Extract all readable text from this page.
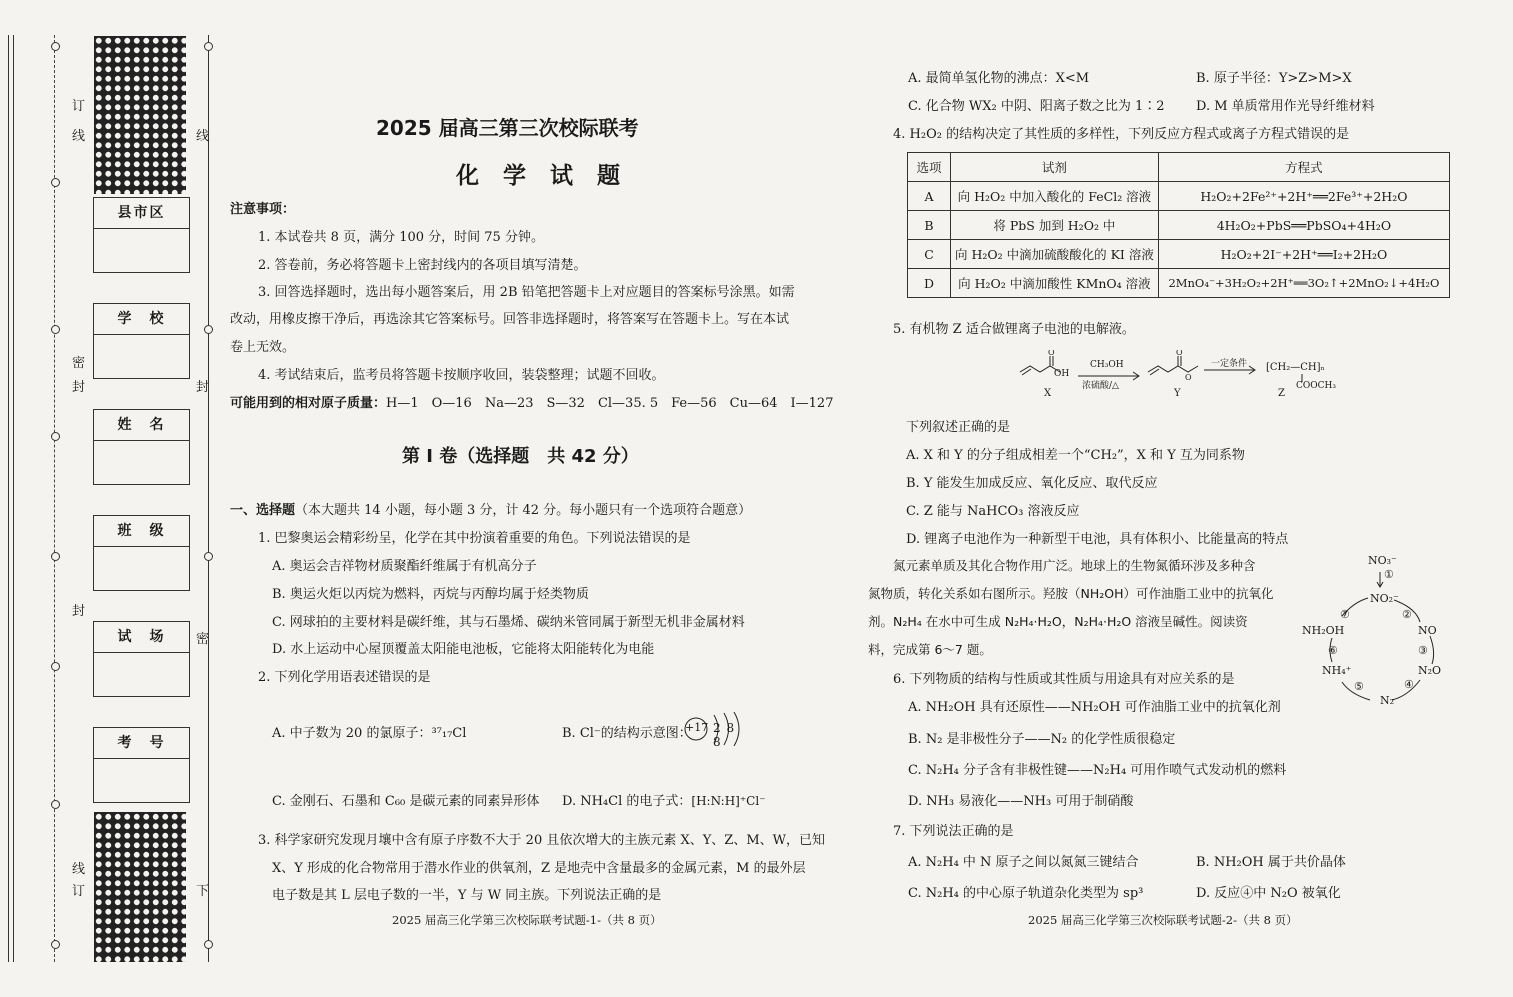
订
线
密
封
封
线
订
线
封
密
下
县市区
学　校
姓　名
班　级
试　场
考　号
2025 届高三第三次校际联考
化 学 试 题
注意事项：
1. 本试卷共 8 页，满分 100 分，时间 75 分钟。
2. 答卷前，务必将答题卡上密封线内的各项目填写清楚。
3. 回答选择题时，选出每小题答案后，用 2B 铅笔把答题卡上对应题目的答案标号涂黑。如需
改动，用橡皮擦干净后，再选涂其它答案标号。回答非选择题时，将答案写在答题卡上。写在本试
卷上无效。
4. 考试结束后，监考员将答题卡按顺序收回，装袋整理；试题不回收。
可能用到的相对原子质量：H—1　O—16　Na—23　S—32　Cl—35. 5　Fe—56　Cu—64　I—127
第 Ⅰ 卷（选择题　共 42 分）
一、选择题（本大题共 14 小题，每小题 3 分，计 42 分。每小题只有一个选项符合题意）
1. 巴黎奥运会精彩纷呈，化学在其中扮演着重要的角色。下列说法错误的是
A. 奥运会吉祥物材质聚酯纤维属于有机高分子
B. 奥运火炬以丙烷为燃料，丙烷与丙醇均属于烃类物质
C. 网球拍的主要材料是碳纤维，其与石墨烯、碳纳米管同属于新型无机非金属材料
D. 水上运动中心屋顶覆盖太阳能电池板，它能将太阳能转化为电能
2. 下列化学用语表述错误的是
A. 中子数为 20 的氯原子：³⁷₁₇Cl	B. Cl⁻的结构示意图：
+17 2 8 8
C. 金刚石、石墨和 C₆₀ 是碳元素的同素异形体 D. NH₄Cl 的电子式：[H:N:H]⁺Cl⁻
3. 科学家研究发现月壤中含有原子序数不大于 20 且依次增大的主族元素 X、Y、Z、M、W，已知
X、Y 形成的化合物常用于潜水作业的供氧剂，Z 是地壳中含量最多的金属元素，M 的最外层
电子数是其 L 层电子数的一半，Y 与 W 同主族。下列说法正确的是
2025 届高三化学第三次校际联考试题-1-（共 8 页）
A. 最简单氢化物的沸点：X<M	B. 原子半径：Y>Z>M>X
C. 化合物 WX₂ 中阴、阳离子数之比为 1∶2 D. M 单质常用作光导纤维材料
4. H₂O₂ 的结构决定了其性质的多样性，下列反应方程式或离子方程式错误的是
选项	试剂	方程式
A	向 H₂O₂ 中加入酸化的 FeCl₂ 溶液	H₂O₂+2Fe²⁺+2H⁺══2Fe³⁺+2H₂O
B	将 PbS 加到 H₂O₂ 中	4H₂O₂+PbS══PbSO₄+4H₂O
C	向 H₂O₂ 中滴加硫酸酸化的 KI 溶液	H₂O₂+2I⁻+2H⁺══I₂+2H₂O
D	向 H₂O₂ 中滴加酸性 KMnO₄ 溶液	2MnO₄⁻+3H₂O₂+2H⁺══3O₂↑+2MnO₂↓+4H₂O
5. 有机物 Z 适合做锂离子电池的电解液。
O	O
O
OH
X
CH₃OH
浓硫酸/△
Y
一定条件 [CH₂—CH]ₙ
COOCH₃
Z
下列叙述正确的是
A. X 和 Y 的分子组成相差一个“CH₂”，X 和 Y 互为同系物
B. Y 能发生加成反应、氧化反应、取代反应
C. Z 能与 NaHCO₃ 溶液反应
D. 锂离子电池作为一种新型干电池，具有体积小、比能量高的特点
氮元素单质及其化合物作用广泛。地球上的生物氮循环涉及多种含
氮物质，转化关系如右图所示。羟胺（NH₂OH）可作油脂工业中的抗氧化
剂。N₂H₄ 在水中可生成 N₂H₄·H₂O，N₂H₄·H₂O 溶液呈碱性。阅读资
料，完成第 6～7 题。
NO₃⁻
①
NO₂⁻
②
NO
③
N₂O
④
N₂
⑤
NH₄⁺
⑥
NH₂OH
⑦
6. 下列物质的结构与性质或其性质与用途具有对应关系的是
A. NH₂OH 具有还原性——NH₂OH 可作油脂工业中的抗氧化剂
B. N₂ 是非极性分子——N₂ 的化学性质很稳定
C. N₂H₄ 分子含有非极性键——N₂H₄ 可用作喷气式发动机的燃料
D. NH₃ 易液化——NH₃ 可用于制硝酸
7. 下列说法正确的是
A. N₂H₄ 中 N 原子之间以氮氮三键结合	B. NH₂OH 属于共价晶体
C. N₂H₄ 的中心原子轨道杂化类型为 sp³	D. 反应④中 N₂O 被氧化
2025 届高三化学第三次校际联考试题-2-（共 8 页）
